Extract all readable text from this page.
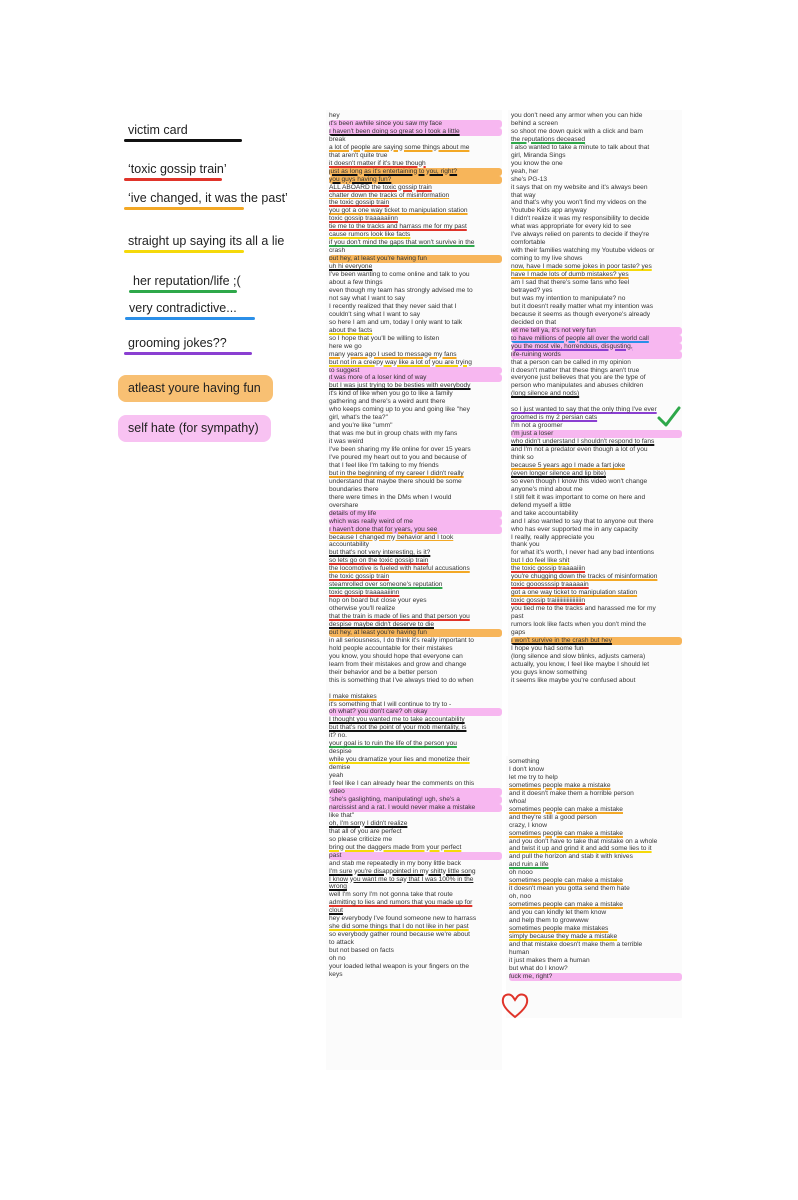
victim card
‘toxic gossip train’
‘ive changed, it was the past’
straight up saying its all a lie
her reputation/life ;(
very contradictive...
grooming jokes??
atleast youre having fun
self hate (for sympathy)
hey
it's been awhile since you saw my face
I haven't been doing so great so I took a little
break
a lot of people are saying some things about me
that aren't quite true
it doesn't matter if it's true though
just as long as it's entertaining to you, right?
you guys having fun?
ALL ABOARD the toxic gossip train
chatter down the tracks of misinformation
the toxic gossip train
you got a one way ticket to manipulation station
toxic gossip traaaaaiinn
tie me to the tracks and harrass me for my past
cause rumors look like facts
if you don't mind the gaps that won't survive in the
crash
but hey, at least you're having fun
uh hi everyone
I've been wanting to come online and talk to you
about a few things
even though my team has strongly advised me to
not say what I want to say
I recently realized that they never said that I
couldn't sing what I want to say
so here I am and um, today I only want to talk
about the facts
so I hope that you'll be willing to listen
here we go
many years ago I used to message my fans
but not in a creepy way like a lot of you are trying
to suggest
it was more of a loser kind of way
but I was just trying to be besties with everybody
it's kind of like when you go to like a family
gathering and there's a weird aunt there
who keeps coming up to you and going like "hey
girl, what's the tea?"
and you're like "umm"
that was me but in group chats with my fans
it was weird
I've been sharing my life online for over 15 years
I've poured my heart out to you and because of
that I feel like I'm talking to my friends
but in the beginning of my career I didn't really
understand that maybe there should be some
boundaries there
there were times in the DMs when I would
overshare
details of my life
which was really weird of me
I haven't done that for years, you see
because I changed my behavior and I took
accountability
but that's not very interesting, is it?
so lets go on the toxic gossip train
the locomotive is fueled with hateful accusations
the toxic gossip train
steamrolled over someone's reputation
toxic gossip traaaaaiiinn
hop on board but close your eyes
otherwise you'll realize
that the train is made of lies and that person you
despise maybe didn't deserve to die
but hey, at least you're having fun
in all seriousness, I do think it's really important to
hold people accountable for their mistakes
you know, you should hope that everyone can
learn from their mistakes and grow and change
their behavior and be a better person
this is something that I've always tried to do when

I make mistakes
it's something that I will continue to try to -
oh what? you don't care? oh okay
I thought you wanted me to take accountability
but that's not the point of your mob mentality, is
it? no.
your goal is to ruin the life of the person you
despise
while you dramatize your lies and monetize their
demise
yeah
I feel like I can already hear the comments on this
video
"she's gaslighting, manipulating! ugh, she's a
narcissist and a rat. I would never make a mistake
like that"
oh, I'm sorry I didn't realize
that all of you are perfect
so please criticize me
bring out the daggers made from your perfect
past
and stab me repeatedly in my bony little back
I'm sure you're disappointed in my shitty little song
I know you want me to say that I was 100% in the
wrong
well I'm sorry I'm not gonna take that route
admitting to lies and rumors that you made up for
clout
hey everybody I've found someone new to harrass
she did some things that I do not like in her past
so everybody gather round because we're about
to attack
but not based on facts
oh no
your loaded lethal weapon is your fingers on the
keys
you don't need any armor when you can hide
behind a screen
so shoot me down quick with a click and bam
the reputations deceased
I also wanted to take a minute to talk about that
girl, Miranda Sings
you know the one
yeah, her
she's PG-13
it says that on my website and it's always been
that way
and that's why you won't find my videos on the
Youtube Kids app anyway
I didn't realize it was my responsibility to decide
what was appropriate for every kid to see
I've always relied on parents to decide if they're
comfortable
with their families watching my Youtube videos or
coming to my live shows
now, have I made some jokes in poor taste? yes
have I made lots of dumb mistakes? yes
am I sad that there's some fans who feel
betrayed? yes
but was my intention to manipulate? no
but it doesn't really matter what my intention was
because it seems as though everyone's already
decided on that
let me tell ya, it's not very fun
to have millions of people all over the world call
you the most vile, horrendous, disgusting,
life-ruining words
that a person can be called in my opinion
it doesn't matter that these things aren't true
everyone just believes that you are the type of
person who manipulates and abuses children
(long silence and nods)

so I just wanted to say that the only thing I've ever
groomed is my 2 persian cats
I'm not a groomer
I'm just a loser
who didn't understand I shouldn't respond to fans
and I'm not a predator even though a lot of you
think so
because 5 years ago I made a fart joke
(even longer silence and lip bite)
so even though I know this video won't change
anyone's mind about me
I still felt it was important to come on here and
defend myself a little
and take accountability
and I also wanted to say that to anyone out there
who has ever supported me in any capacity
I really, really appreciate you
thank you
for what it's worth, I never had any bad intentions
but I do feel like shit
the toxic gossip traaaaiiin
you're chugging down the tracks of misinformation
toxic gooossssip traaaaain
got a one way ticket to manipulation station
toxic gossip traiiiiiiiiiiiiiiiiiin
you tied me to the tracks and harassed me for my
past
rumors look like facts when you don't mind the
gaps
I won't survive in the crash but hey
I hope you had some fun
(long silence and slow blinks, adjusts camera)
actually, you know, I feel like maybe I should let
you guys know something
it seems like maybe you're confused about
something
I don't know
let me try to help
sometimes people make a mistake
and it doesn't make them a horrible person
whoa!
sometimes people can make a mistake
and they're still a good person
crazy, I know
sometimes people can make a mistake
and you don't have to take that mistake on a whole
and twist it up and grind it and add some lies to it
and pull the horizon and stab it with knives
and ruin a life
oh nooo
sometimes people can make a mistake
it doesn't mean you gotta send them hate
oh, noo
sometimes people can make a mistake
and you can kindly let them know
and help them to growwww
sometimes people make mistakes
simply because they made a mistake
and that mistake doesn't make them a terrible
human
it just makes them a human
but what do I know?
fuck me, right?
